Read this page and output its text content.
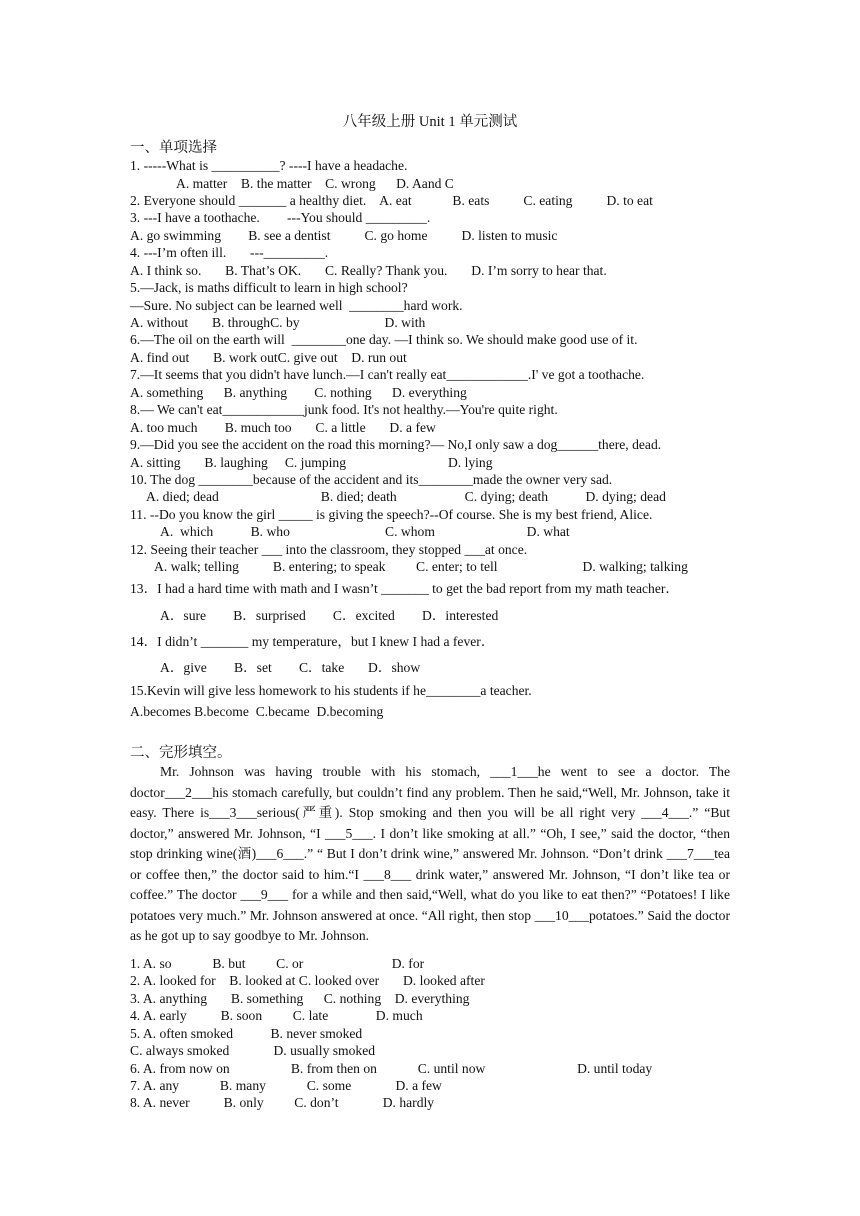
八年级上册 Unit 1 单元测试
一、单项选择
1. -----What is __________? ----I have a headache.
A. matter    B. the matter    C. wrong      D. Aand C
2. Everyone should _______ a healthy diet.    A. eat            B. eats          C. eating          D. to eat
3. ---I have a toothache.        ---You should _________.
A. go swimming        B. see a dentist          C. go home          D. listen to music
4. ---I’m often ill.       ---_________.
A. I think so.       B. That’s OK.       C. Really? Thank you.       D. I’m sorry to hear that.
5.—Jack, is maths difficult to learn in high school?
—Sure. No subject can be learned well  ________hard work.
A. without       B. throughC. by                         D. with
6.—The oil on the earth will  ________one day. —I think so. We should make good use of it.
A. find out       B. work outC. give out    D. run out
7.—It seems that you didn't have lunch.—I can't really eat____________.I' ve got a toothache.
A. something      B. anything        C. nothing      D. everything
8.— We can't eat____________junk food. It's not healthy.—You're quite right.
A. too much        B. much too       C. a little       D. a few
9.—Did you see the accident on the road this morning?— No,I only saw a dog______there, dead.
A. sitting       B. laughing     C. jumping                              D. lying
10. The dog ________because of the accident and its________made the owner very sad.
A. died; dead                              B. died; death                    C. dying; death           D. dying; dead
11. --Do you know the girl _____ is giving the speech?--Of course. She is my best friend, Alice.
A.  which           B. who                            C. whom                           D. what
12. Seeing their teacher ___ into the classroom, they stopped ___at once.
A. walk; telling          B. entering; to speak         C. enter; to tell                         D. walking; talking
13．I had a hard time with math and I wasn’t _______ to get the bad report from my math teacher．
A．sure        B．surprised        C．excited        D．interested
14．I didn’t _______ my temperature，but I knew I had a fever．
A．give        B．set        C．take       D．show
15.Kevin will give less homework to his students if he________a teacher.
A.becomes B.become  C.became  D.becoming
二、完形填空。
Mr. Johnson was having trouble with his stomach, ___1___he went to see a doctor. The doctor___2___his stomach carefully, but couldn’t find any problem. Then he said,“Well, Mr. Johnson, take it easy. There is___3___serious(严重). Stop smoking and then you will be all right very ___4___.” “But doctor,” answered Mr. Johnson, “I ___5___. I don’t like smoking at all.” “Oh, I see,” said the doctor, “then stop drinking wine(酒)___6___.” “ But I don’t drink wine,” answered Mr. Johnson. “Don’t drink ___7___tea or coffee then,” the doctor said to him.“I ___8___ drink water,” answered Mr. Johnson, “I don’t like tea or coffee.” The doctor ___9___ for a while and then said,“Well, what do you like to eat then?” “Potatoes! I like potatoes very much.” Mr. Johnson answered at once. “All right, then stop ___10___potatoes.” Said the doctor as he got up to say goodbye to Mr. Johnson.
1. A. so            B. but         C. or                          D. for
2. A. looked for    B. looked at C. looked over       D. looked after
3. A. anything       B. something      C. nothing    D. everything
4. A. early          B. soon         C. late              D. much
5. A. often smoked           B. never smoked
C. always smoked             D. usually smoked
6. A. from now on                  B. from then on            C. until now                           D. until today
7. A. any            B. many            C. some             D. a few
8. A. never          B. only         C. don’t             D. hardly
